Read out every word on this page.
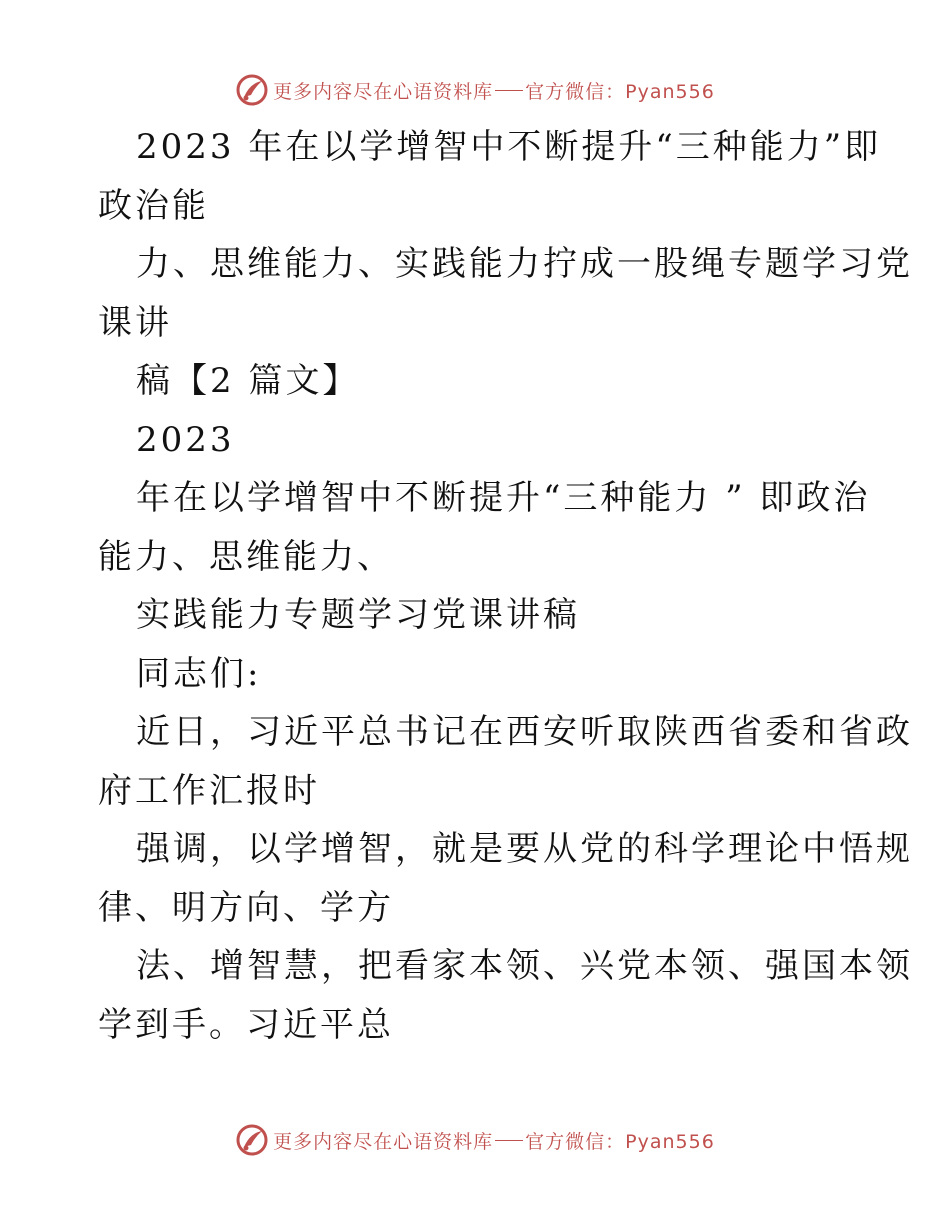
更多内容尽在心语资料库 官方微信：Pyan556
2023 年在以学增智中不断提升“三种能力”即
政治能
力、思维能力、实践能力拧成一股绳专题学习党
课讲
稿【2 篇文】
2023
年在以学增智中不断提升“三种能力 ” 即政治
能力、思维能力、
实践能力专题学习党课讲稿
同志们:
近日，习近平总书记在西安听取陕西省委和省政
府工作汇报时
强调，以学增智，就是要从党的科学理论中悟规
律、明方向、学方
法、增智慧，把看家本领、兴党本领、强国本领
学到手。习近平总
更多内容尽在心语资料库 官方微信：Pyan556
